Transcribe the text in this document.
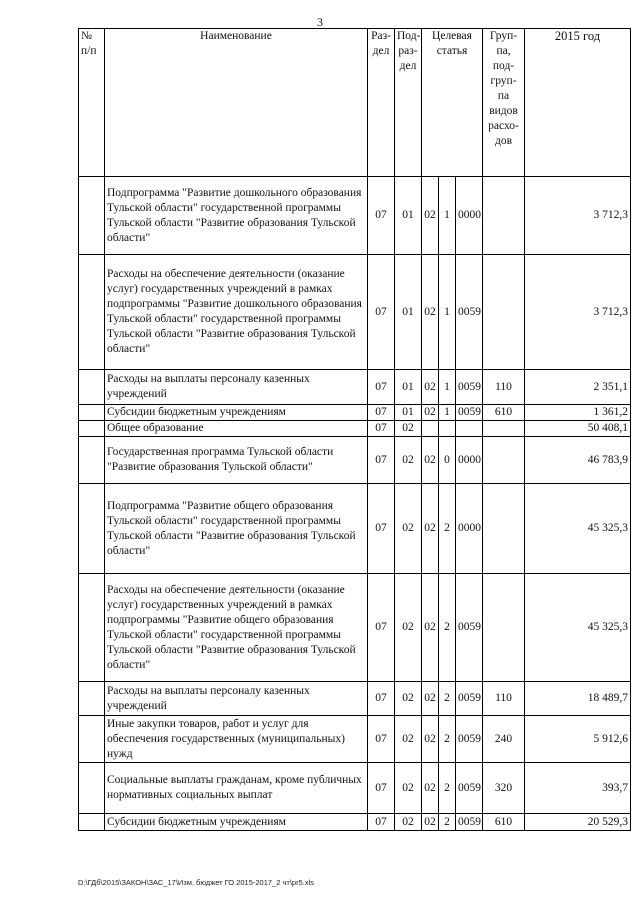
3
№ п/п	Наименование	Раз-дел	Под-раз-дел	Целевая статья			Груп-па, под-груп-па видов расхо-дов	2015 год
	Подпрограмма "Развитие дошкольного образования Тульской области" государственной программы Тульской области "Развитие образования Тульской области"	07	01	02	1	0000		3 712,3
	Расходы на обеспечение деятельности (оказание услуг) государственных учреждений в рамках подпрограммы "Развитие дошкольного образования Тульской области" государственной программы Тульской области "Развитие образования Тульской области"	07	01	02	1	0059		3 712,3
	Расходы на выплаты персоналу казенных учреждений	07	01	02	1	0059	110	2 351,1
	Субсидии бюджетным учреждениям	07	01	02	1	0059	610	1 361,2
	Общее образование	07	02					50 408,1
	Государственная программа Тульской области "Развитие образования Тульской области"	07	02	02	0	0000		46 783,9
	Подпрограмма "Развитие общего образования Тульской области" государственной программы Тульской области "Развитие образования Тульской области"	07	02	02	2	0000		45 325,3
	Расходы на обеспечение деятельности (оказание услуг) государственных учреждений в рамках подпрограммы "Развитие общего образования Тульской области" государственной программы Тульской области "Развитие образования Тульской области"	07	02	02	2	0059		45 325,3
	Расходы на выплаты персоналу казенных учреждений	07	02	02	2	0059	110	18 489,7
	Иные закупки товаров, работ и услуг для обеспечения государственных (муниципальных) нужд	07	02	02	2	0059	240	5 912,6
	Социальные выплаты гражданам, кроме публичных нормативных социальных выплат	07	02	02	2	0059	320	393,7
	Субсидии бюджетным учреждениям	07	02	02	2	0059	610	20 529,3
D:\ГДб\2015\ЗАКОН\ЗАС_17\Изм. бюджет ГО 2015-2017_2 чт\pr5.xls
